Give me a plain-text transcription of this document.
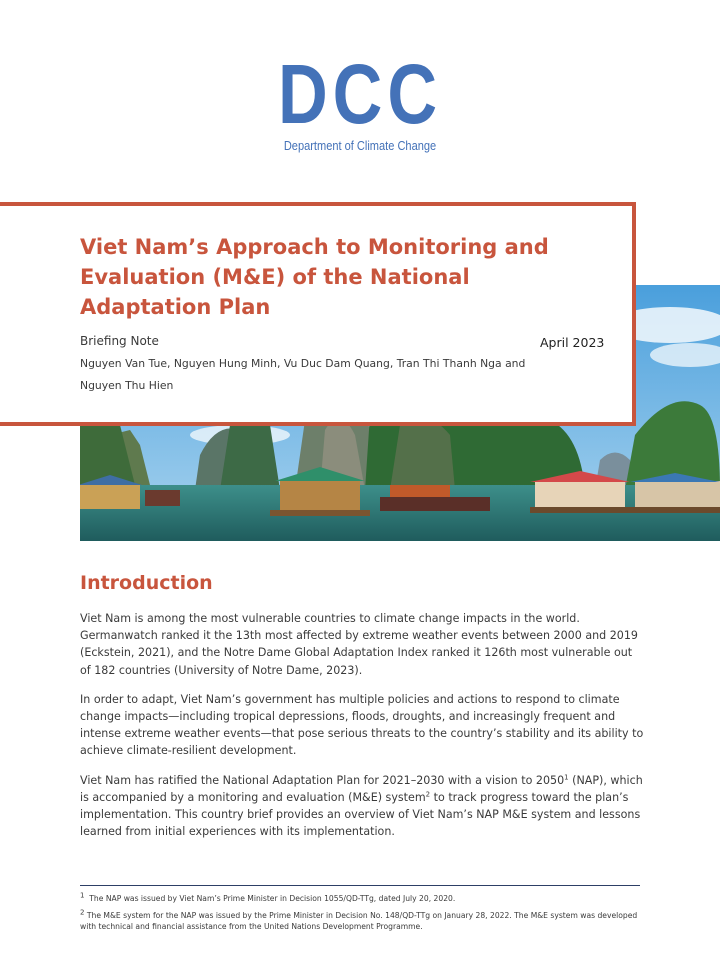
DCC
Department of Climate Change
Viet Nam’s Approach to Monitoring and Evaluation (M&E) of the National Adaptation Plan
Briefing Note	April 2023
Nguyen Van Tue, Nguyen Hung Minh, Vu Duc Dam Quang, Tran Thi Thanh Nga and Nguyen Thu Hien
Introduction

Viet Nam is among the most vulnerable countries to climate change impacts in the world. Germanwatch ranked it the 13th most affected by extreme weather events between 2000 and 2019 (Eckstein, 2021), and the Notre Dame Global Adaptation Index ranked it 126th most vulnerable out of 182 countries (University of Notre Dame, 2023).

In order to adapt, Viet Nam’s government has multiple policies and actions to respond to climate change impacts—including tropical depressions, floods, droughts, and increasingly frequent and intense extreme weather events—that pose serious threats to the country’s stability and its ability to achieve climate-resilient development.

Viet Nam has ratified the National Adaptation Plan for 2021–2030 with a vision to 2050$^1$ (NAP), which is accompanied by a monitoring and evaluation (M&E) system$^2$ to track progress toward the plan’s implementation. This country brief provides an overview of Viet Nam’s NAP M&E system and lessons learned from initial experiences with its implementation.

$^1$ The NAP was issued by Viet Nam’s Prime Minister in Decision 1055/QD-TTg, dated July 20, 2020.

$^2$ The M&E system for the NAP was issued by the Prime Minister in Decision No. 148/QD-TTg on January 28, 2022. The M&E system was developed with technical and financial assistance from the United Nations Development Programme.
